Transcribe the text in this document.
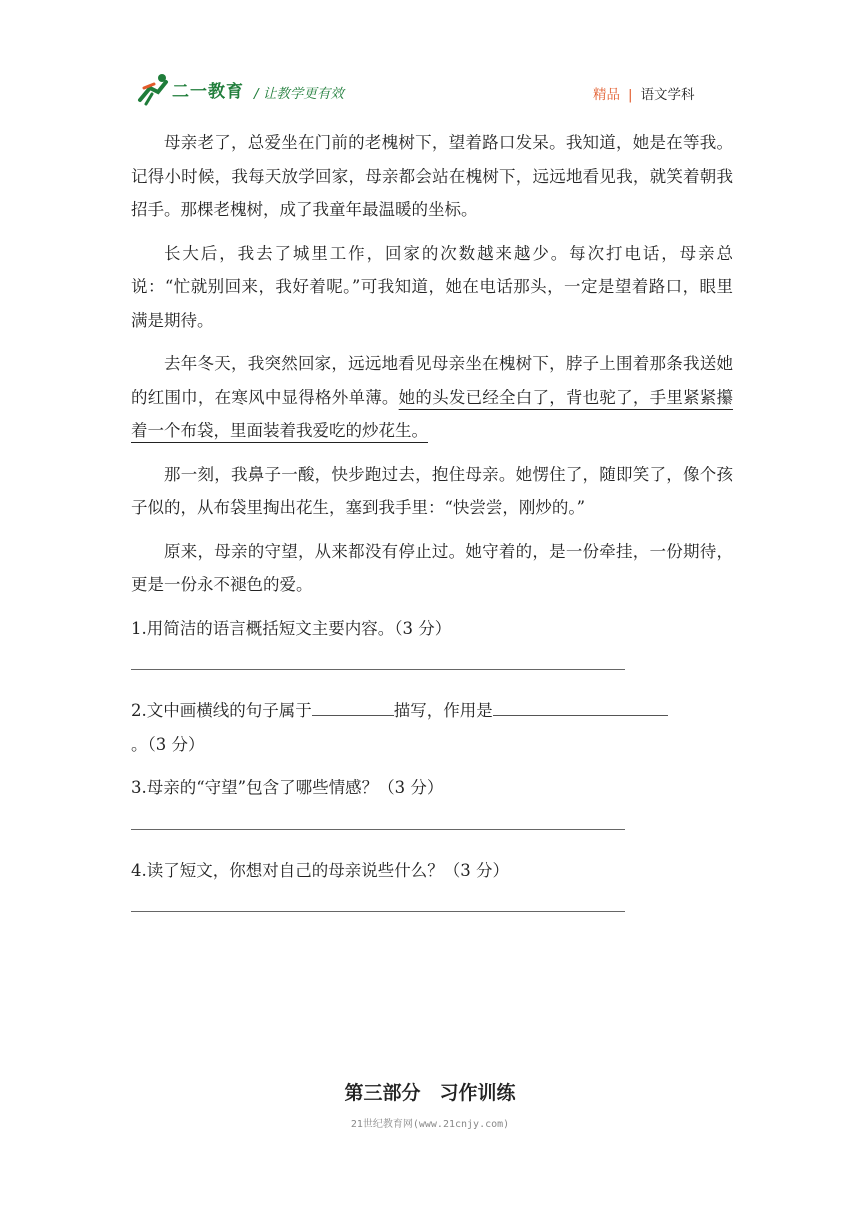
二一教育 / 让教学更有效	精品 | 语文学科

母亲老了，总爱坐在门前的老槐树下，望着路口发呆。我知道，她是在等我。记得小时候，我每天放学回家，母亲都会站在槐树下，远远地看见我，就笑着朝我招手。那棵老槐树，成了我童年最温暖的坐标。

长大后，我去了城里工作，回家的次数越来越少。每次打电话，母亲总说：“忙就别回来，我好着呢。”可我知道，她在电话那头，一定是望着路口，眼里满是期待。

去年冬天，我突然回家，远远地看见母亲坐在槐树下，脖子上围着那条我送她的红围巾，在寒风中显得格外单薄。她的头发已经全白了，背也驼了，手里紧紧攥着一个布袋，里面装着我爱吃的炒花生。

那一刻，我鼻子一酸，快步跑过去，抱住母亲。她愣住了，随即笑了，像个孩子似的，从布袋里掏出花生，塞到我手里：“快尝尝，刚炒的。”

原来，母亲的守望，从来都没有停止过。她守着的，是一份牵挂，一份期待，更是一份永不褪色的爱。

1.用简洁的语言概括短文主要内容。（3 分）

2.文中画横线的句子属于	描写，作用是。（3 分）

3.母亲的“守望”包含了哪些情感？（3 分）

4.读了短文，你想对自己的母亲说些什么？（3 分）

第三部分　习作训练
21世纪教育网(www.21cnjy.com)
